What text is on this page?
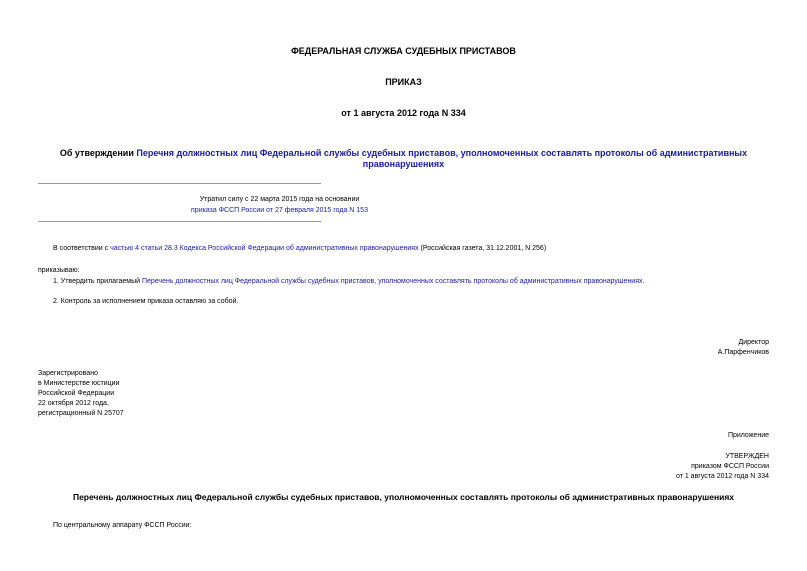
ФЕДЕРАЛЬНАЯ СЛУЖБА СУДЕБНЫХ ПРИСТАВОВ
ПРИКАЗ
от 1 августа 2012 года N 334
Об утверждении Перечня должностных лиц Федеральной службы судебных приставов, уполномоченных составлять протоколы об административных
правонарушениях
Утратил силу с 22 марта 2015 года на основании
приказа ФССП России от 27 февраля 2015 года N 153
В соответствии с частью 4 статьи 28.3 Кодекса Российской Федерации об административных правонарушениях (Российская газета, 31.12.2001, N 256)
приказываю:
1. Утвердить прилагаемый Перечень должностных лиц Федеральной службы судебных приставов, уполномоченных составлять протоколы об административных правонарушениях.
2. Контроль за исполнением приказа оставляю за собой.
Директор
А.Парфенчиков
Зарегистрировано
в Министерстве юстиции
Российской Федерации
22 октября 2012 года,
регистрационный N 25707
Приложение
УТВЕРЖДЕН
приказом ФССП России
от 1 августа 2012 года N 334
Перечень должностных лиц Федеральной службы судебных приставов, уполномоченных составлять протоколы об административных правонарушениях
По центральному аппарату ФССП России:
